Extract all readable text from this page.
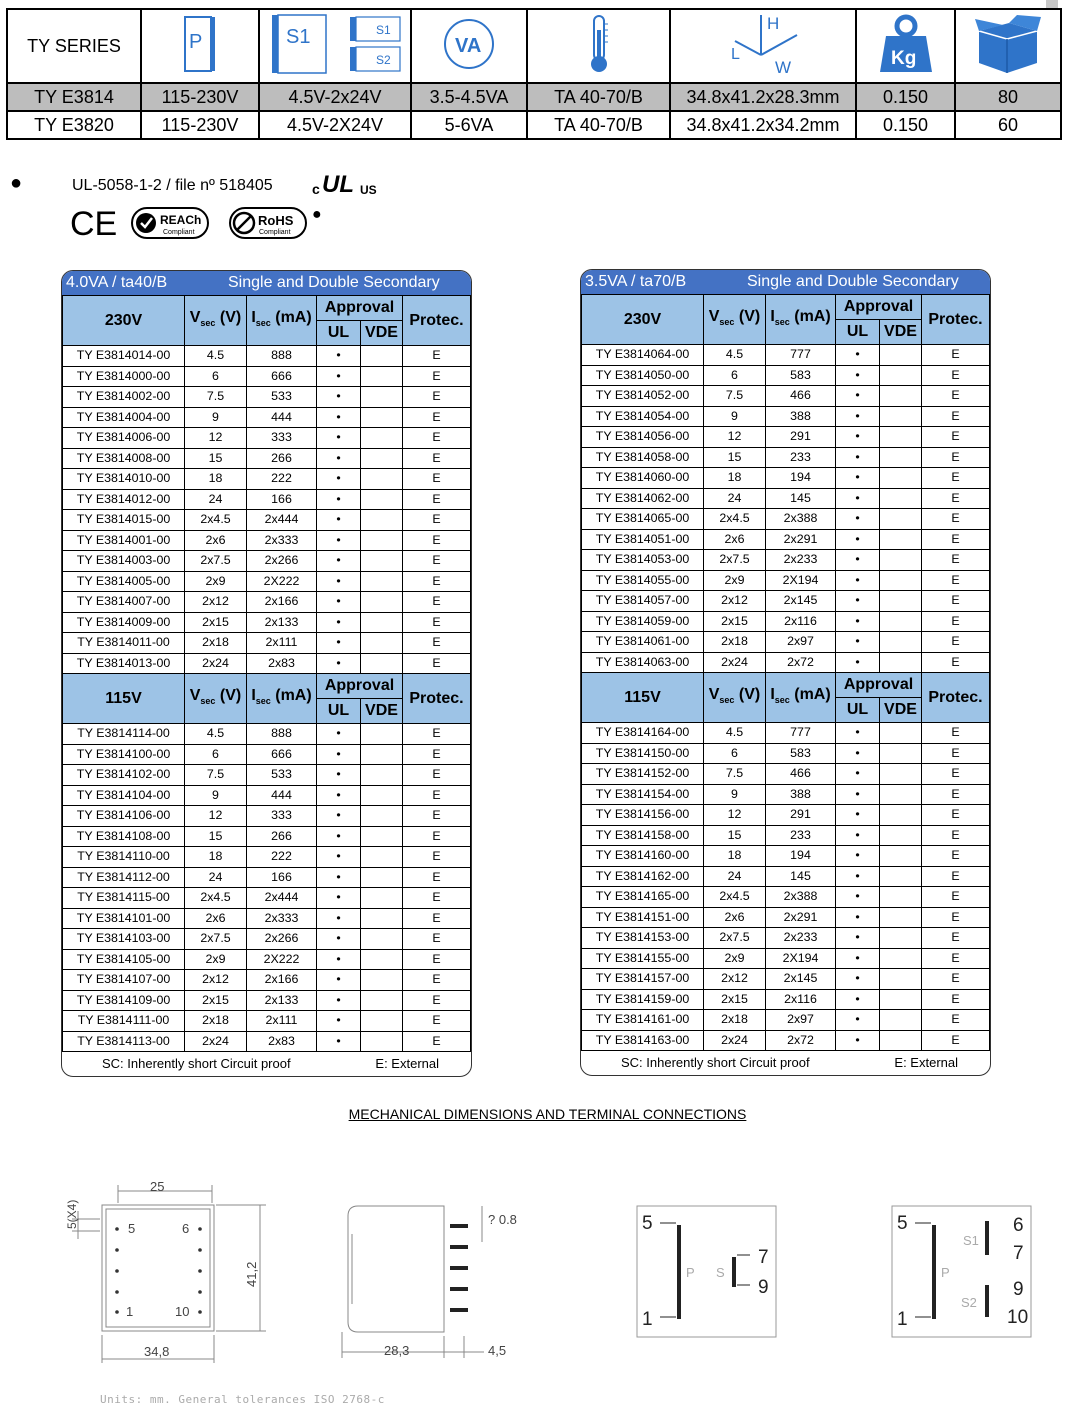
TY SERIES	P	S1 S1
S2	VA		H
L
W	Kg

TY E3814	115-230V	4.5V-2x24V	3.5-4.5VA	TA 40-70/B	34.8x41.2x28.3mm	0.150	80
TY E3820	115-230V	4.5V-2X24V	5-6VA	TA 40-70/B	34.8x41.2x34.2mm	0.150	60
●	UL-5058-1-2 / file nº 518405	c UL US
CE	REACh
Compliant
RoHS
Compliant
●
4.0VA / ta40/B	Single and Double Secondary
230V	$V_{sec}$ (V)	$I_{sec}$ (mA)	Approval		Protec.
			UL	VDE	
TY E3814014-00	4.5	888	•		E
TY E3814000-00	6	666	•		E
TY E3814002-00	7.5	533	•		E
TY E3814004-00	9	444	•		E
TY E3814006-00	12	333	•		E
TY E3814008-00	15	266	•		E
TY E3814010-00	18	222	•		E
TY E3814012-00	24	166	•		E
TY E3814015-00	2x4.5	2x444	•		E
TY E3814001-00	2x6	2x333	•		E
TY E3814003-00	2x7.5	2x266	•		E
TY E3814005-00	2x9	2X222	•		E
TY E3814007-00	2x12	2x166	•		E
TY E3814009-00	2x15	2x133	•		E
TY E3814011-00	2x18	2x111	•		E
TY E3814013-00	2x24	2x83	•		E
115V	$V_{sec}$ (V)	$I_{sec}$ (mA)	Approval		Protec.
			UL	VDE	
TY E3814114-00	4.5	888	•		E
TY E3814100-00	6	666	•		E
TY E3814102-00	7.5	533	•		E
TY E3814104-00	9	444	•		E
TY E3814106-00	12	333	•		E
TY E3814108-00	15	266	•		E
TY E3814110-00	18	222	•		E
TY E3814112-00	24	166	•		E
TY E3814115-00	2x4.5	2x444	•		E
TY E3814101-00	2x6	2x333	•		E
TY E3814103-00	2x7.5	2x266	•		E
TY E3814105-00	2x9	2X222	•		E
TY E3814107-00	2x12	2x166	•		E
TY E3814109-00	2x15	2x133	•		E
TY E3814111-00	2x18	2x111	•		E
TY E3814113-00	2x24	2x83	•		E
SC: Inherently short Circuit proof	E: External
3.5VA / ta70/B	Single and Double Secondary
230V	$V_{sec}$ (V)	$I_{sec}$ (mA)	Approval		Protec.
			UL	VDE	
TY E3814064-00	4.5	777	•		E
TY E3814050-00	6	583	•		E
TY E3814052-00	7.5	466	•		E
TY E3814054-00	9	388	•		E
TY E3814056-00	12	291	•		E
TY E3814058-00	15	233	•		E
TY E3814060-00	18	194	•		E
TY E3814062-00	24	145	•		E
TY E3814065-00	2x4.5	2x388	•		E
TY E3814051-00	2x6	2x291	•		E
TY E3814053-00	2x7.5	2x233	•		E
TY E3814055-00	2x9	2X194	•		E
TY E3814057-00	2x12	2x145	•		E
TY E3814059-00	2x15	2x116	•		E
TY E3814061-00	2x18	2x97	•		E
TY E3814063-00	2x24	2x72	•		E
115V	$V_{sec}$ (V)	$I_{sec}$ (mA)	Approval		Protec.
			UL	VDE	
TY E3814164-00	4.5	777	•		E
TY E3814150-00	6	583	•		E
TY E3814152-00	7.5	466	•		E
TY E3814154-00	9	388	•		E
TY E3814156-00	12	291	•		E
TY E3814158-00	15	233	•		E
TY E3814160-00	18	194	•		E
TY E3814162-00	24	145	•		E
TY E3814165-00	2x4.5	2x388	•		E
TY E3814151-00	2x6	2x291	•		E
TY E3814153-00	2x7.5	2x233	•		E
TY E3814155-00	2x9	2X194	•		E
TY E3814157-00	2x12	2x145	•		E
TY E3814159-00	2x15	2x116	•		E
TY E3814161-00	2x18	2x97	•		E
TY E3814163-00	2x24	2x72	•		E
SC: Inherently short Circuit proof	E: External
MECHANICAL DIMENSIONS AND TERMINAL CONNECTIONS
25
34,8
5	6
1	10
5(X4)
41,2
? 0.8
28,3	4,5
5
1
7
9
P S
5
1
6
7
9
10
P
S1
S2
Units: mm. General tolerances ISO 2768-c
